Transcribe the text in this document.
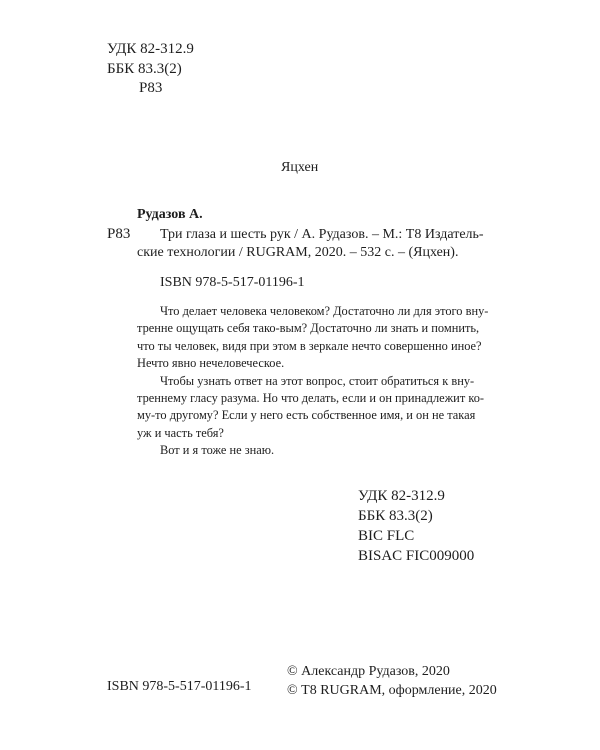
УДК 82-312.9
ББК 83.3(2)
Р83
Яцхен
Рудазов А.
Р83	Три глаза и шесть рук / А. Рудазов. – М.: Т8 Издатель-
ские технологии / RUGRAM, 2020. – 532 с. – (Яцхен).
ISBN 978-5-517-01196-1
Что делает человека человеком? Достаточно ли для этого вну-
тренне ощущать себя тако-вым? Достаточно ли знать и помнить,
что ты человек, видя при этом в зеркале нечто совершенно иное?
Нечто явно нечеловеческое.
Чтобы узнать ответ на этот вопрос, стоит обратиться к вну-
треннему гласу разума. Но что делать, если и он принадлежит ко-
му-то другому? Если у него есть собственное имя, и он не такая
уж и часть тебя?
Вот и я тоже не знаю.
УДК 82-312.9
ББК 83.3(2)
BIC FLC
BISAC FIC009000
ISBN 978-5-517-01196-1
© Александр Рудазов, 2020
© Т8 RUGRAM, оформление, 2020
